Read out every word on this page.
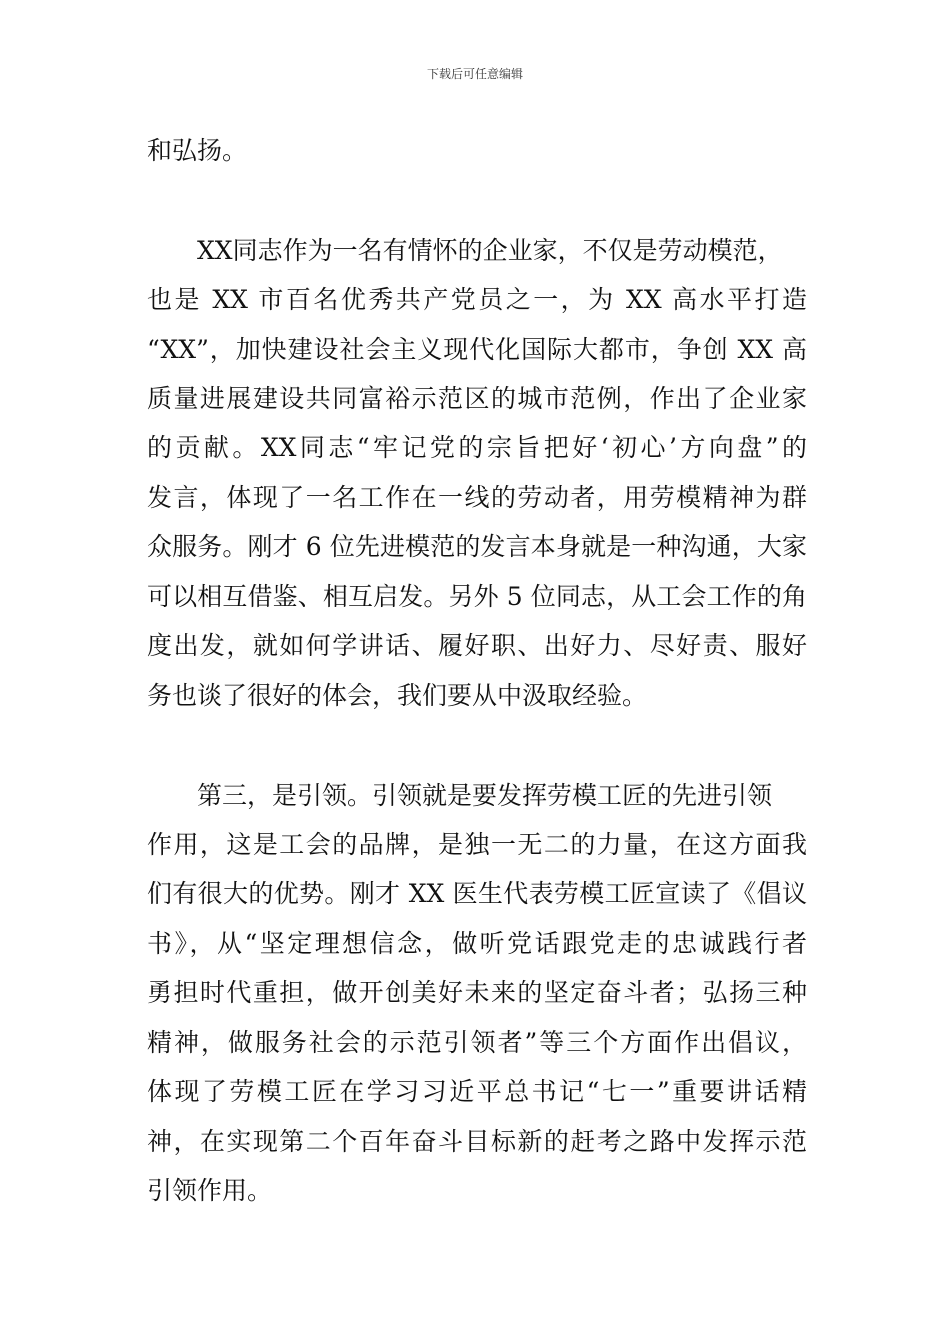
下载后可任意编辑
和弘扬。
XX同志作为一名有情怀的企业家，不仅是劳动模范，
也是 XX 市百名优秀共产党员之一，为 XX 高水平打造
“XX”，加快建设社会主义现代化国际大都市，争创 XX 高
质量进展建设共同富裕示范区的城市范例，作出了企业家
的贡献。XX同志“牢记党的宗旨把好‘初心’方向盘”的
发言，体现了一名工作在一线的劳动者，用劳模精神为群
众服务。刚才 6 位先进模范的发言本身就是一种沟通，大家
可以相互借鉴、相互启发。另外 5 位同志，从工会工作的角
度出发，就如何学讲话、履好职、出好力、尽好责、服好
务也谈了很好的体会，我们要从中汲取经验。
第三，是引领。引领就是要发挥劳模工匠的先进引领
作用，这是工会的品牌，是独一无二的力量，在这方面我
们有很大的优势。刚才 XX 医生代表劳模工匠宣读了《倡议
书》，从“坚定理想信念，做听党话跟党走的忠诚践行者
勇担时代重担，做开创美好未来的坚定奋斗者；弘扬三种
精神，做服务社会的示范引领者”等三个方面作出倡议，
体现了劳模工匠在学习习近平总书记“七一”重要讲话精
神，在实现第二个百年奋斗目标新的赶考之路中发挥示范
引领作用。
